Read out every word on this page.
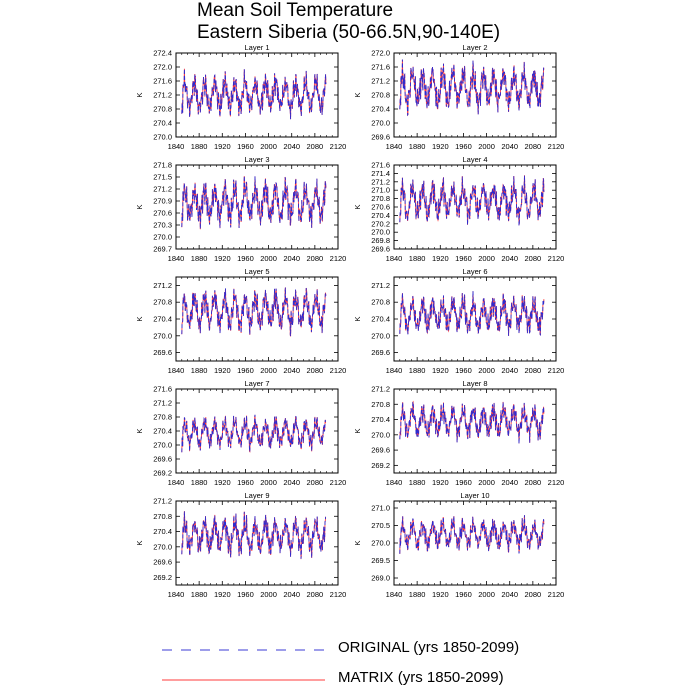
Mean Soil Temperature
Eastern Siberia (50-66.5N,90-140E)
Layer 1
K
1840 1880 1920 1960 2000 2040 2080 2120
270.0
270.4
270.8
271.2
271.6
272.0
272.4
Layer 2
K
1840 1880 1920 1960 2000 2040 2080 2120
269.6
270.0
270.4
270.8
271.2
271.6
272.0
Layer 3
K
1840 1880 1920 1960 2000 2040 2080 2120
269.7
270.0
270.3
270.6
270.9
271.2
271.5
271.8
Layer 4
K
1840 1880 1920 1960 2000 2040 2080 2120
269.6
269.8
270.0
270.2
270.4
270.6
270.8
271.0
271.2
271.4
271.6
Layer 5
K
1840 1880 1920 1960 2000 2040 2080 2120
269.6
270.0
270.4
270.8
271.2
Layer 6
K
1840 1880 1920 1960 2000 2040 2080 2120
269.6
270.0
270.4
270.8
271.2
Layer 7
K
1840 1880 1920 1960 2000 2040 2080 2120
269.2
269.6
270.0
270.4
270.8
271.2
271.6
Layer 8
K
1840 1880 1920 1960 2000 2040 2080 2120
269.2
269.6
270.0
270.4
270.8
271.2
Layer 9
K
1840 1880 1920 1960 2000 2040 2080 2120
269.2
269.6
270.0
270.4
270.8
271.2
Layer 10
K
1840 1880 1920 1960 2000 2040 2080 2120
269.0
269.5
270.0
270.5
271.0
ORIGINAL (yrs 1850-2099)
MATRIX (yrs 1850-2099)
